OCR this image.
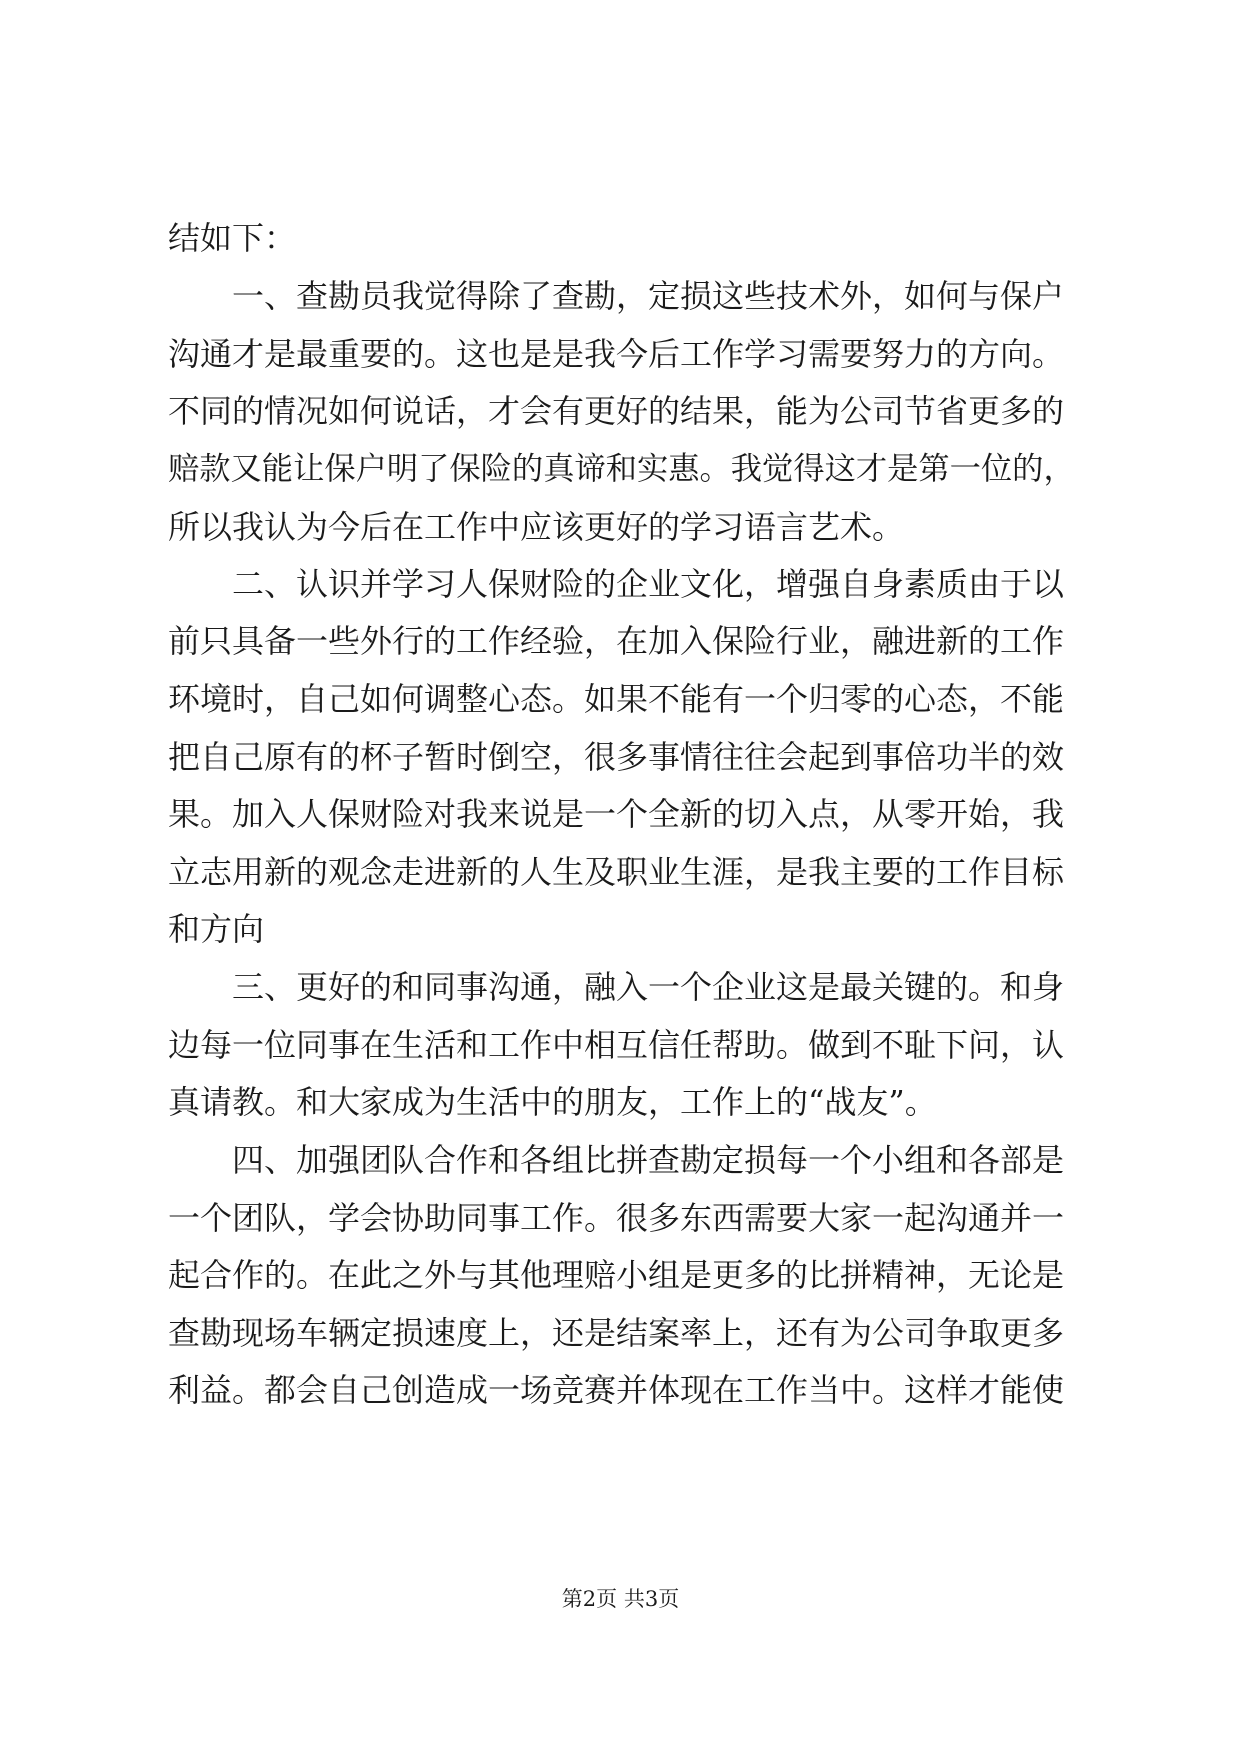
结如下：
一、查勘员我觉得除了查勘，定损这些技术外，如何与保户
沟通才是最重要的。这也是是我今后工作学习需要努力的方向。
不同的情况如何说话，才会有更好的结果，能为公司节省更多的
赔款又能让保户明了保险的真谛和实惠。我觉得这才是第一位的，
所以我认为今后在工作中应该更好的学习语言艺术。
二、认识并学习人保财险的企业文化，增强自身素质由于以
前只具备一些外行的工作经验，在加入保险行业，融进新的工作
环境时，自己如何调整心态。如果不能有一个归零的心态，不能
把自己原有的杯子暂时倒空，很多事情往往会起到事倍功半的效
果。加入人保财险对我来说是一个全新的切入点，从零开始，我
立志用新的观念走进新的人生及职业生涯，是我主要的工作目标
和方向
三、更好的和同事沟通，融入一个企业这是最关键的。和身
边每一位同事在生活和工作中相互信任帮助。做到不耻下问，认
真请教。和大家成为生活中的朋友，工作上的“战友”。
四、加强团队合作和各组比拼查勘定损每一个小组和各部是
一个团队，学会协助同事工作。很多东西需要大家一起沟通并一
起合作的。在此之外与其他理赔小组是更多的比拼精神，无论是
查勘现场车辆定损速度上，还是结案率上，还有为公司争取更多
利益。都会自己创造成一场竞赛并体现在工作当中。这样才能使
第2页 共3页
